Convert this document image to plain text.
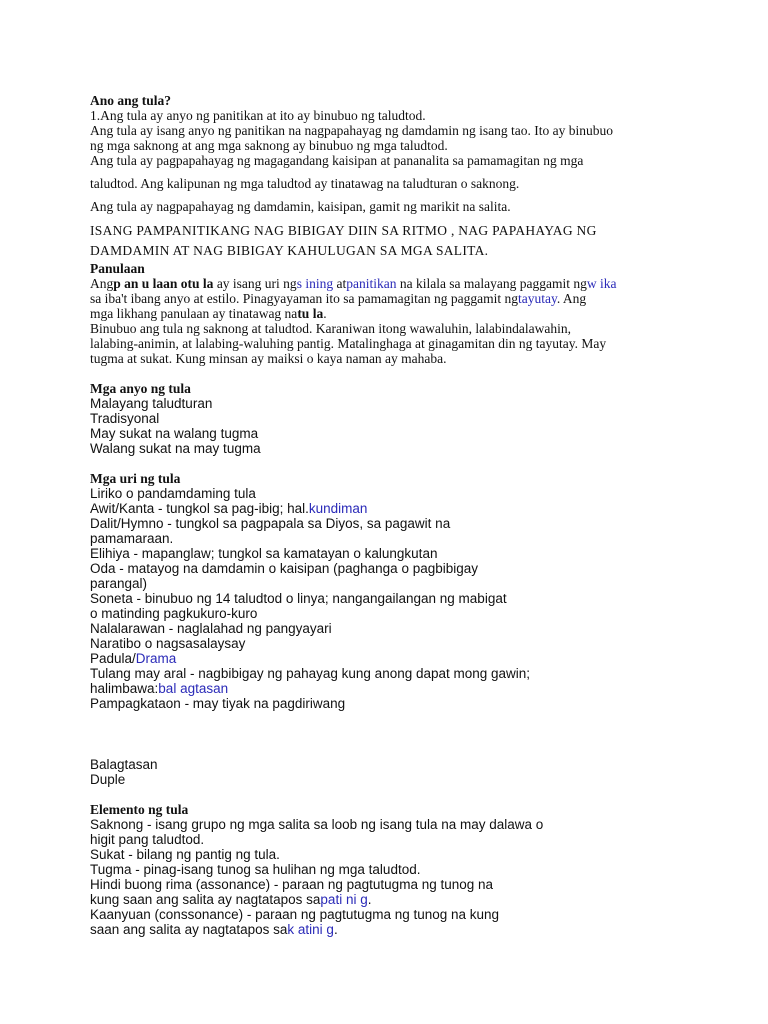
Ano ang tula?

1.Ang tula ay anyo ng panitikan at ito ay binubuo ng taludtod.

Ang tula ay isang anyo ng panitikan na nagpapahayag ng damdamin ng isang tao. Ito ay binubuo

ng mga saknong at ang mga saknong ay binubuo ng mga taludtod.

Ang tula ay pagpapahayag ng magagandang kaisipan at pananalita sa pamamagitan ng mga

taludtod. Ang kalipunan ng mga taludtod ay tinatawag na taludturan o saknong.

Ang tula ay nagpapahayag ng damdamin, kaisipan, gamit ng marikit na salita.

ISANG PAMPANITIKANG NAG BIBIGAY DIIN SA RITMO , NAG PAPAHAYAG NG

DAMDAMIN AT NAG BIBIGAY KAHULUGAN SA MGA SALITA.

Panulaan

Angp an u laan otu la ay isang uri ngs ining atpanitikan na kilala sa malayang paggamit ngw ika

sa iba't ibang anyo at estilo. Pinagyayaman ito sa pamamagitan ng paggamit ngtayutay. Ang

mga likhang panulaan ay tinatawag natu la.

Binubuo ang tula ng saknong at taludtod. Karaniwan itong wawaluhin, lalabindalawahin,

lalabing-animin, at lalabing-waluhing pantig. Matalinghaga at ginagamitan din ng tayutay. May

tugma at sukat. Kung minsan ay maiksi o kaya naman ay mahaba.

Mga anyo ng tula

Malayang taludturan

Tradisyonal

May sukat na walang tugma

Walang sukat na may tugma

Mga uri ng tula

Liriko o pandamdaming tula

Awit/Kanta - tungkol sa pag-ibig; hal.kundiman

Dalit/Hymno - tungkol sa pagpapala sa Diyos, sa pagawit na

pamamaraan.

Elihiya - mapanglaw; tungkol sa kamatayan o kalungkutan

Oda - matayog na damdamin o kaisipan (paghanga o pagbibigay

parangal)

Soneta - binubuo ng 14 taludtod o linya; nangangailangan ng mabigat

o matinding pagkukuro-kuro

Nalalarawan - naglalahad ng pangyayari

Naratibo o nagsasalaysay

Padula/Drama

Tulang may aral - nagbibigay ng pahayag kung anong dapat mong gawin;

halimbawa:bal agtasan

Pampagkataon - may tiyak na pagdiriwang

Balagtasan

Duple

Elemento ng tula

Saknong - isang grupo ng mga salita sa loob ng isang tula na may dalawa o

higit pang taludtod.

Sukat - bilang ng pantig ng tula.

Tugma - pinag-isang tunog sa hulihan ng mga taludtod.

Hindi buong rima (assonance) - paraan ng pagtutugma ng tunog na

kung saan ang salita ay nagtatapos sapati ni g.

Kaanyuan (conssonance) - paraan ng pagtutugma ng tunog na kung

saan ang salita ay nagtatapos sak atini g.
